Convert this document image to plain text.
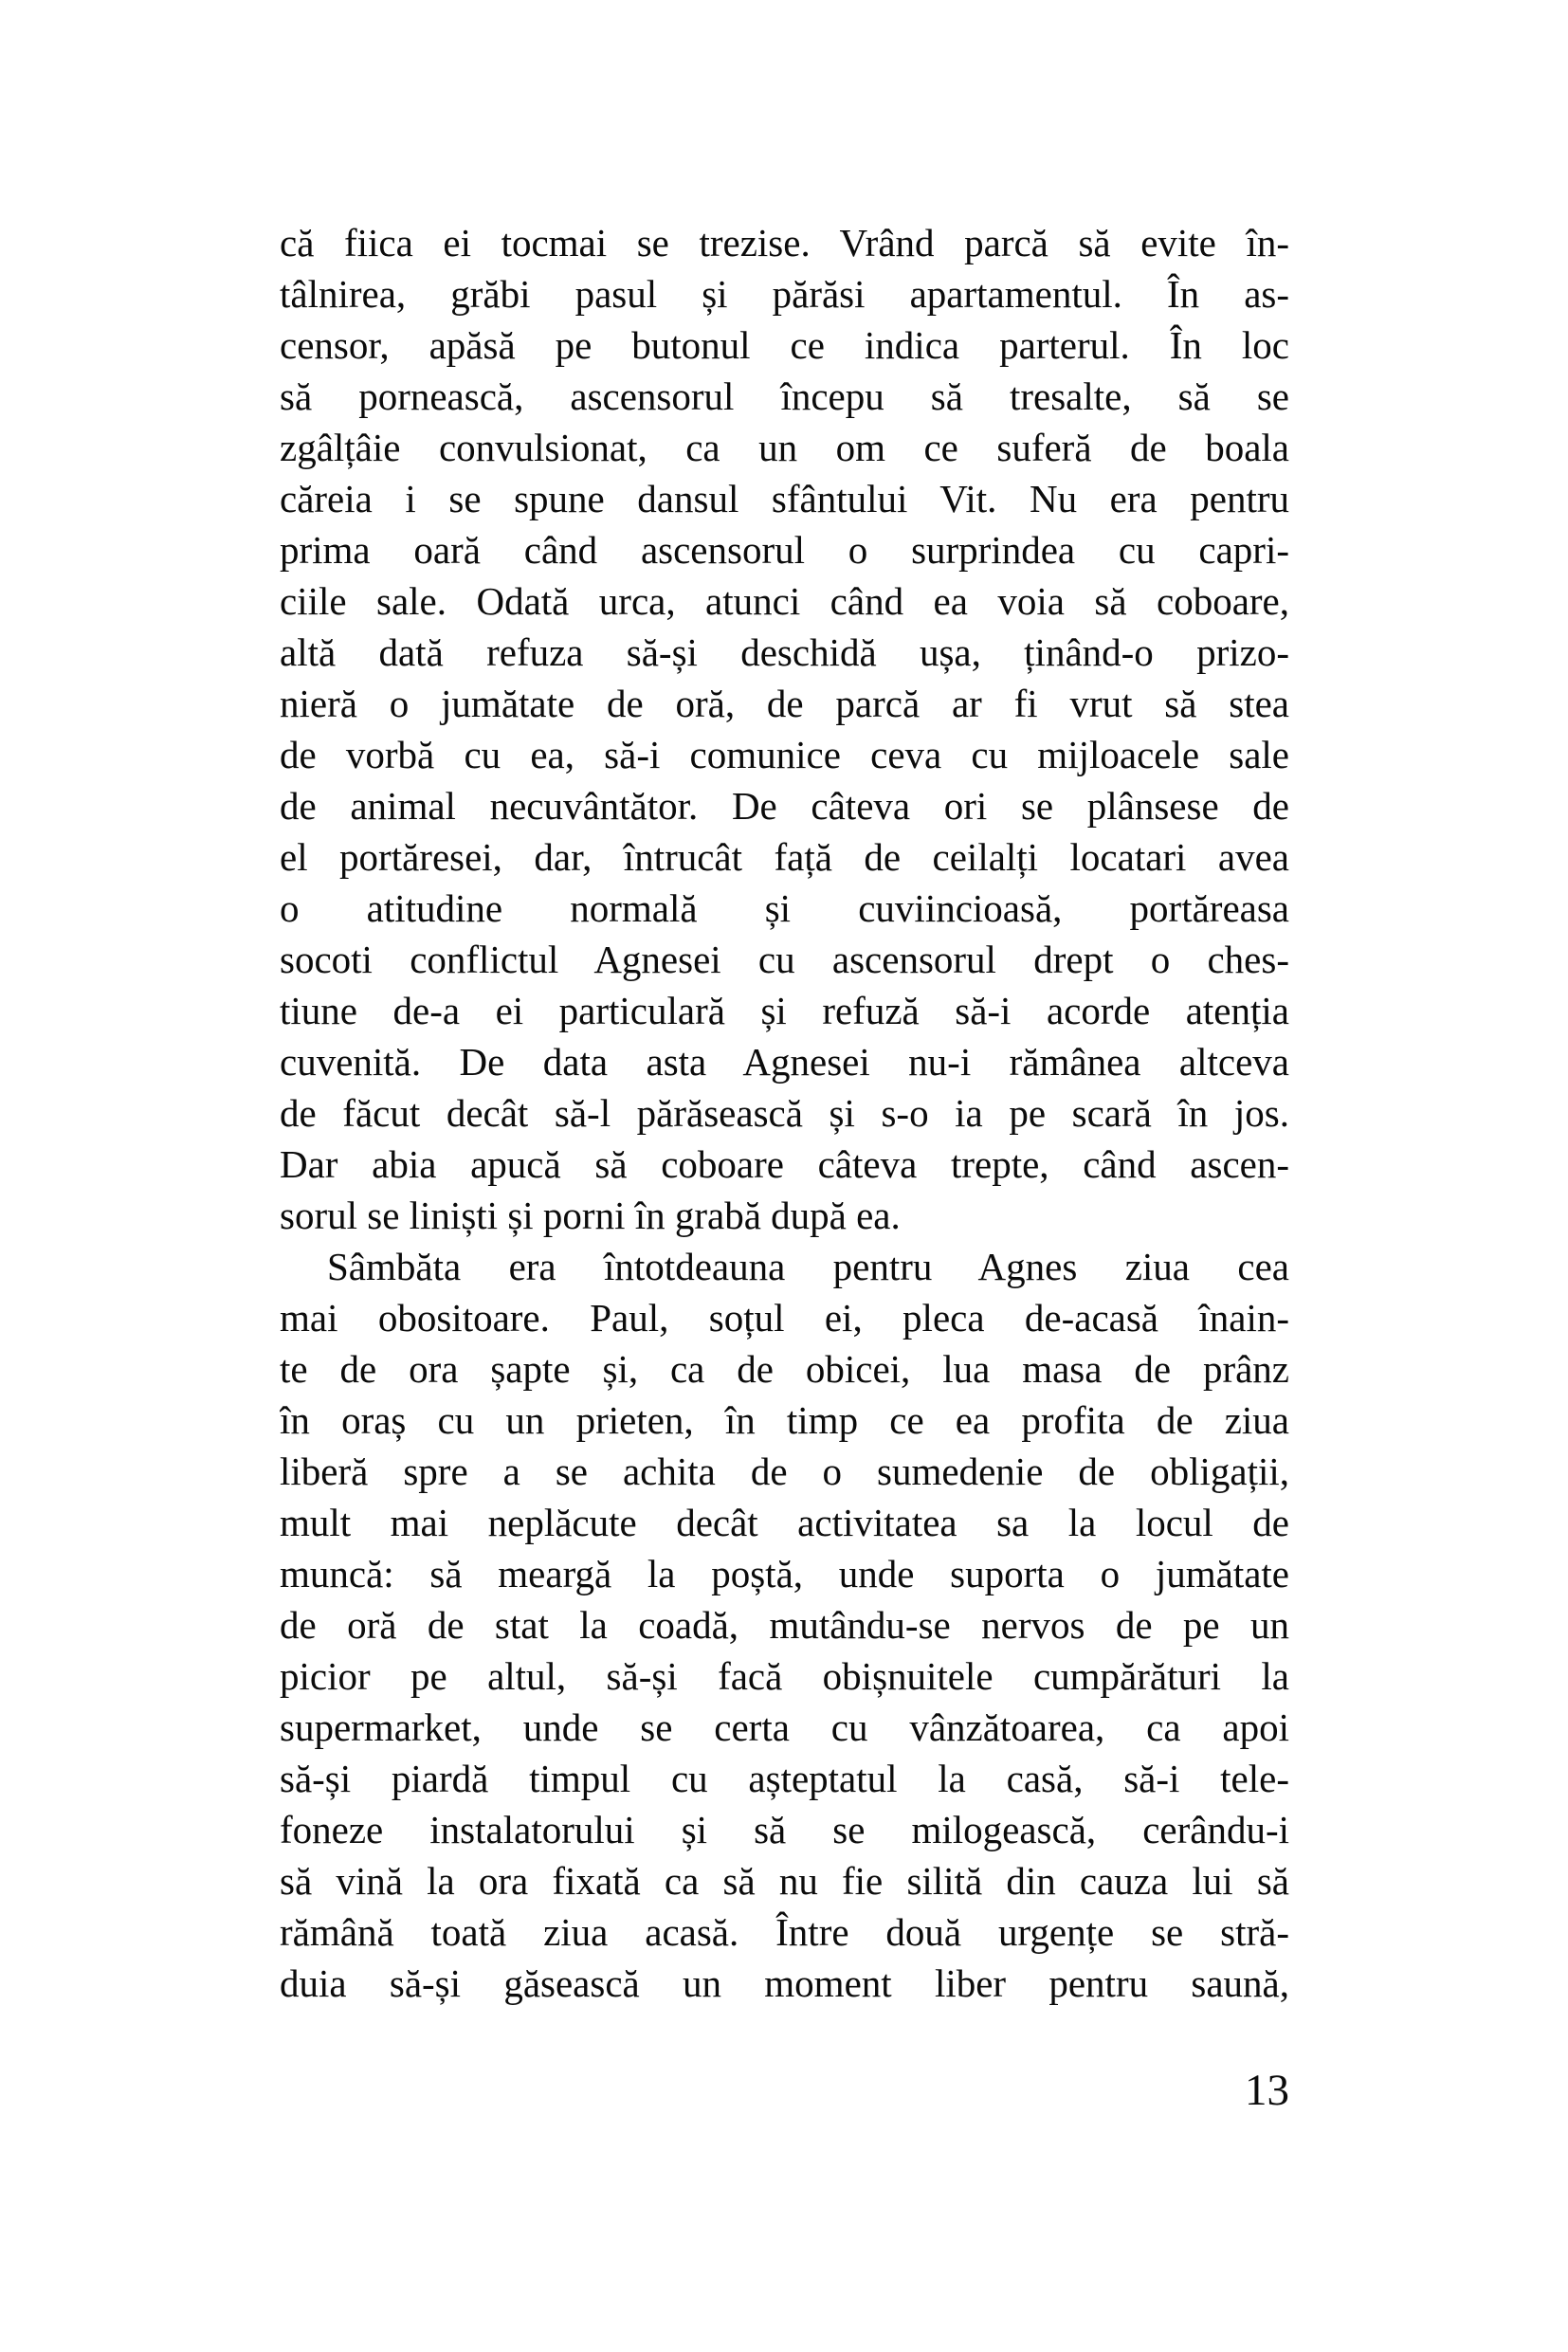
că fiica ei tocmai se trezise. Vrând parcă să evite în-
tâlnirea, grăbi pasul și părăsi apartamentul. În as-
censor, apăsă pe butonul ce indica parterul. În loc
să pornească, ascensorul începu să tresalte, să se
zgâlțâie convulsionat, ca un om ce suferă de boala
căreia i se spune dansul sfântului Vit. Nu era pentru
prima oară când ascensorul o surprindea cu capri-
ciile sale. Odată urca, atunci când ea voia să coboare,
altă dată refuza să-și deschidă ușa, ținând-o prizo-
nieră o jumătate de oră, de parcă ar fi vrut să stea
de vorbă cu ea, să-i comunice ceva cu mijloacele sale
de animal necuvântător. De câteva ori se plânsese de
el portăresei, dar, întrucât față de ceilalți locatari avea
o atitudine normală și cuviincioasă, portăreasa
socoti conflictul Agnesei cu ascensorul drept o ches-
tiune de-a ei particulară și refuză să-i acorde atenția
cuvenită. De data asta Agnesei nu-i rămânea altceva
de făcut decât să-l părăsească și s-o ia pe scară în jos.
Dar abia apucă să coboare câteva trepte, când ascen-
sorul se liniști și porni în grabă după ea.
Sâmbăta era întotdeauna pentru Agnes ziua cea
mai obositoare. Paul, soțul ei, pleca de-acasă înain-
te de ora șapte și, ca de obicei, lua masa de prânz
în oraș cu un prieten, în timp ce ea profita de ziua
liberă spre a se achita de o sumedenie de obligații,
mult mai neplăcute decât activitatea sa la locul de
muncă: să meargă la poștă, unde suporta o jumătate
de oră de stat la coadă, mutându-se nervos de pe un
picior pe altul, să-și facă obișnuitele cumpărături la
supermarket, unde se certa cu vânzătoarea, ca apoi
să-și piardă timpul cu așteptatul la casă, să-i tele-
foneze instalatorului și să se milogească, cerându-i
să vină la ora fixată ca să nu fie silită din cauza lui să
rămână toată ziua acasă. Între două urgențe se stră-
duia să-și găsească un moment liber pentru saună,
13
